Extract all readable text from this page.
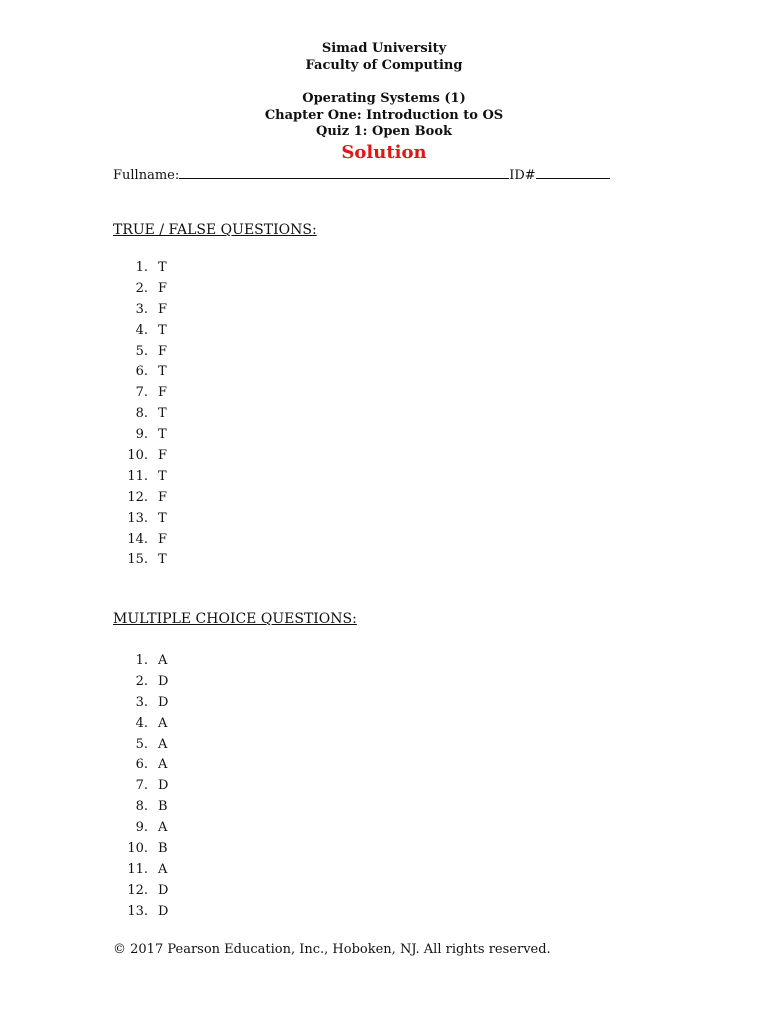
Simad University
Faculty of Computing
Operating Systems (1)
Chapter One: Introduction to OS
Quiz 1: Open Book
Solution
Fullname:	ID#
TRUE / FALSE QUESTIONS:
1. T
2. F
3. F
4. T
5. F
6. T
7. F
8. T
9. T
10. F
11. T
12. F
13. T
14. F
15. T
MULTIPLE CHOICE QUESTIONS:
1. A
2. D
3. D
4. A
5. A
6. A
7. D
8. B
9. A
10. B
11. A
12. D
13. D
© 2017 Pearson Education, Inc., Hoboken, NJ. All rights reserved.
